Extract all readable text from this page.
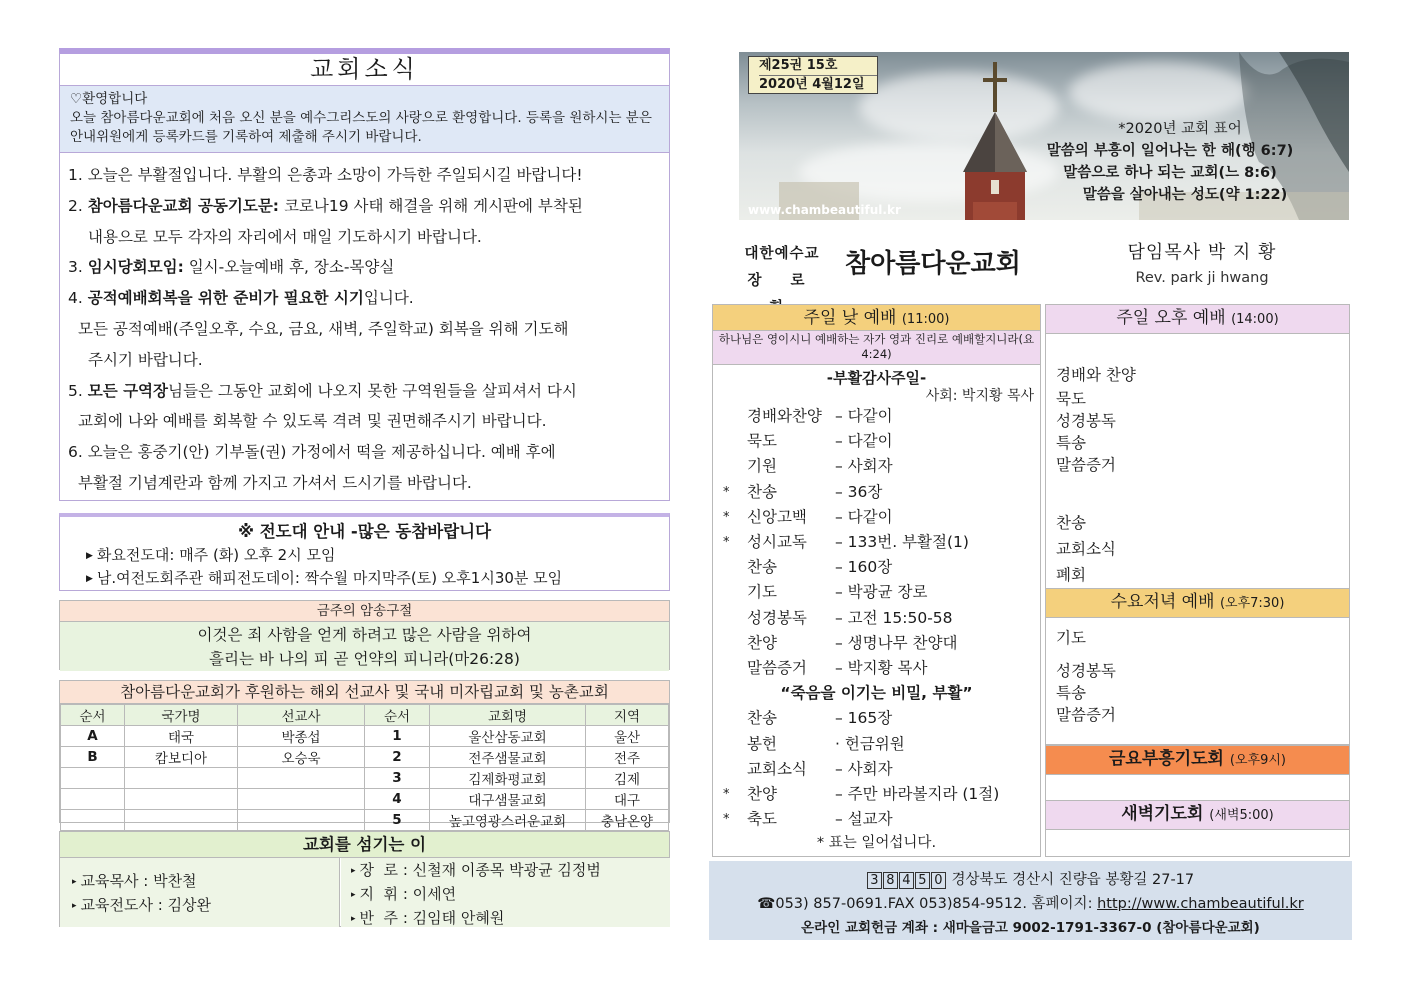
교회소식
♡환영합니다
오늘 참아름다운교회에 처음 오신 분을 예수그리스도의 사랑으로 환영합니다. 등록을 원하시는 분은 안내위원에게 등록카드를 기록하여 제출해 주시기 바랍니다.
1. 오늘은 부활절입니다. 부활의 은총과 소망이 가득한 주일되시길 바랍니다!
2. 참아름다운교회 공동기도문: 코로나19 사태 해결을 위해 게시판에 부착된
내용으로 모두 각자의 자리에서 매일 기도하시기 바랍니다.
3. 임시당회모임: 일시-오늘예배 후, 장소-목양실
4. 공적예배회복을 위한 준비가 필요한 시기입니다.
모든 공적예배(주일오후, 수요, 금요, 새벽, 주일학교) 회복을 위해 기도해
주시기 바랍니다.
5. 모든 구역장님들은 그동안 교회에 나오지 못한 구역원들을 살피셔서 다시
교회에 나와 예배를 회복할 수 있도록 격려 및 권면해주시기 바랍니다.
6. 오늘은 홍중기(안) 기부돌(권) 가정에서 떡을 제공하십니다. 예배 후에
부활절 기념계란과 함께 가지고 가셔서 드시기를 바랍니다.
※ 전도대 안내 -많은 동참바랍니다
▶ 화요전도대: 매주 (화) 오후 2시 모임
▶ 남.여전도회주관 해피전도데이: 짝수월 마지막주(토) 오후1시30분 모임
금주의 암송구절
이것은 죄 사함을 얻게 하려고 많은 사람을 위하여
흘리는 바 나의 피 곧 언약의 피니라(마26:28)
참아름다운교회가 후원하는 해외 선교사 및 국내 미자립교회 및 농촌교회
순서	국가명	선교사	순서	교회명	지역
A	태국	박종섭	1	울산삼동교회	울산
B	캄보디아	오승욱	2	전주샘물교회	전주
			3	김제화평교회	김제
			4	대구샘물교회	대구
			5	높고영광스러운교회	충남온양
교회를 섬기는 이
▸ 교육목사 : 박찬철
▸ 교육전도사 : 김상완
▸ 장  로 : 신철재 이종목 박광균 김정범
▸ 지  휘 : 이세연
▸ 반  주 : 김임태 안혜원
제25권 15호
2020년 4월12일
www.chambeautiful.kr
*2020년 교회 표어
말씀의 부흥이 일어나는 한 해(행 6:7)
말씀으로 하나 되는 교회(느 8:6)
말씀을 살아내는 성도(약 1:22)
대한예수교
장 로
참아름다운교회	담임목사 박 지 황
Rev. park ji hwang
주일 낮 예배 (11:00)
하나님은 영이시니 예배하는 자가 영과 진리로 예배할지니라(요4:24)
-부활감사주일-
사회: 박지황 목사
경배와찬양 – 다같이
묵도	– 다같이
기원	– 사회자
* 찬송	– 36장
* 신앙고백 – 다같이
* 성시교독 – 133번. 부활절(1)
찬송	– 160장
기도	– 박광균 장로
성경봉독 – 고전 15:50-58
찬양	– 생명나무 찬양대
말씀증거 – 박지황 목사
“죽음을 이기는 비밀, 부활”
찬송	– 165장
봉헌	· 헌금위원
교회소식 – 사회자
* 찬양	– 주만 바라볼지라 (1절)
* 축도	– 설교자
* 표는 일어섭니다.
주일 오후 예배 (14:00)
경배와 찬양
묵도
성경봉독
특송
말씀증거
찬송
교회소식
폐회
수요저녁 예배 (오후7:30)
기도
성경봉독
특송
말씀증거
금요부흥기도회 (오후9시)
새벽기도회 (새벽5:00)
3 8 4 5 0 경상북도 경산시 진량읍 봉황길 27-17
☎053) 857-0691.FAX 053)854-9512. 홈페이지: http://www.chambeautiful.kr
온라인 교회헌금 계좌 : 새마을금고 9002-1791-3367-0 (참아름다운교회)
